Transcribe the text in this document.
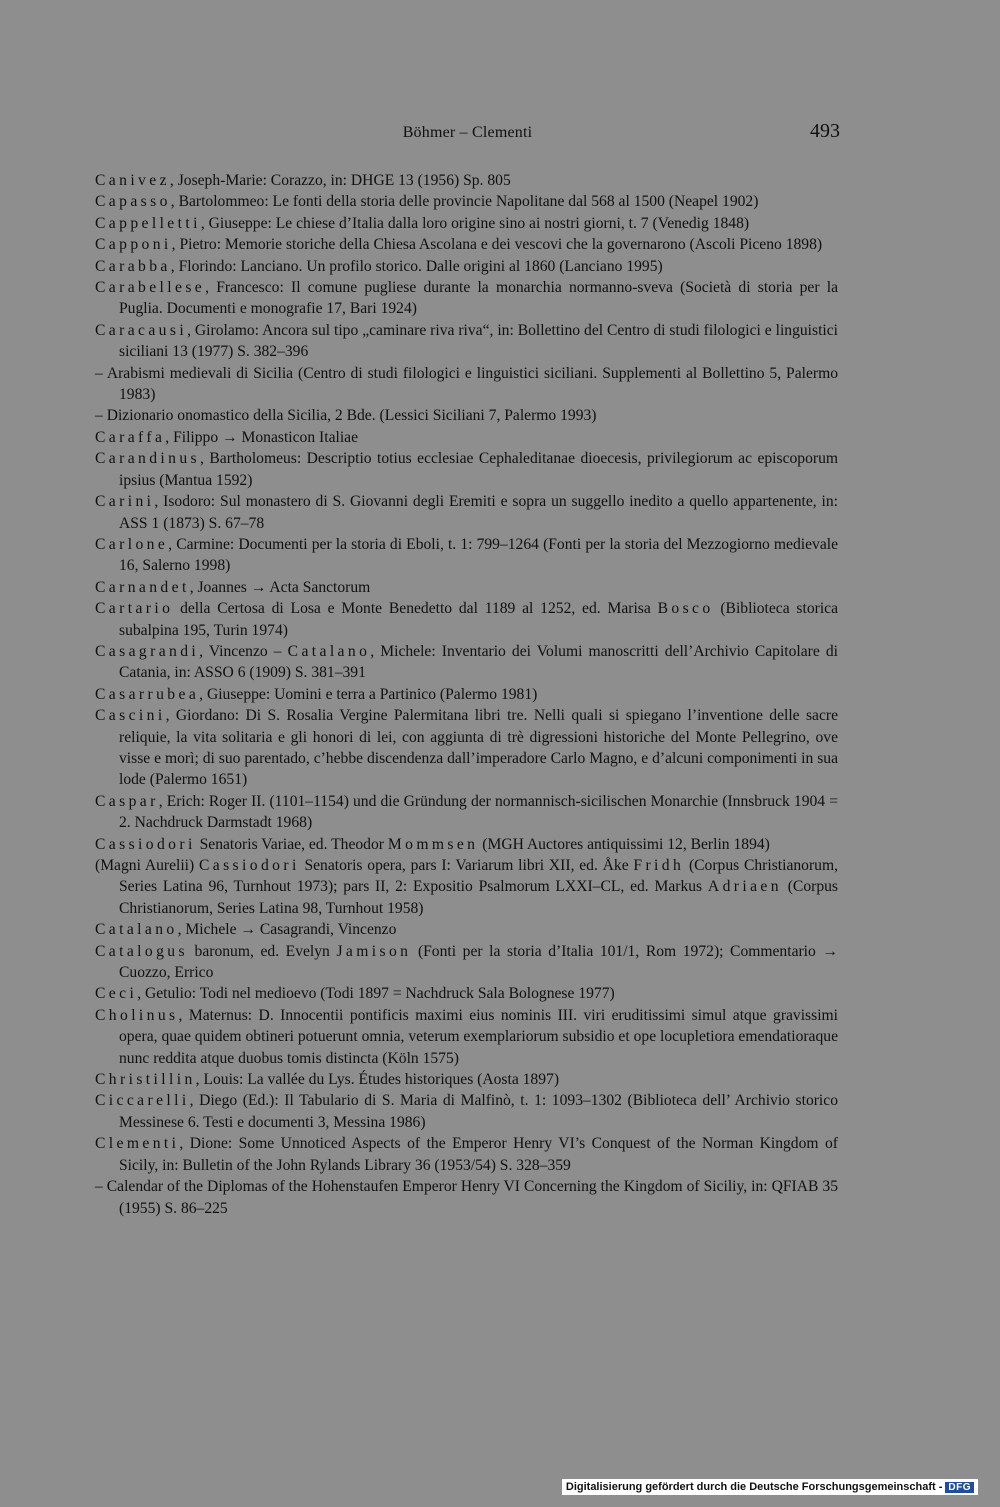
Böhmer – Clementi	493

Canivez, Joseph-Marie: Corazzo, in: DHGE 13 (1956) Sp. 805

Capasso, Bartolommeo: Le fonti della storia delle provincie Napolitane dal 568 al 1500 (Neapel 1902)

Cappelletti, Giuseppe: Le chiese d’Italia dalla loro origine sino ai nostri giorni, t. 7 (Venedig 1848)

Capponi, Pietro: Memorie storiche della Chiesa Ascolana e dei vescovi che la governarono (Ascoli Piceno 1898)

Carabba, Florindo: Lanciano. Un profilo storico. Dalle origini al 1860 (Lanciano 1995)

Carabellese, Francesco: Il comune pugliese durante la monarchia normanno-sveva (Società di storia per la Puglia. Documenti e monografie 17, Bari 1924)

Caracausi, Girolamo: Ancora sul tipo „caminare riva riva“, in: Bollettino del Centro di studi filologici e linguistici siciliani 13 (1977) S. 382–396

– Arabismi medievali di Sicilia (Centro di studi filologici e linguistici siciliani. Supplementi al Bollettino 5, Palermo 1983)

– Dizionario onomastico della Sicilia, 2 Bde. (Lessici Siciliani 7, Palermo 1993)

Caraffa, Filippo → Monasticon Italiae

Carandinus, Bartholomeus: Descriptio totius ecclesiae Cephaleditanae dioecesis, privilegiorum ac episcoporum ipsius (Mantua 1592)

Carini, Isodoro: Sul monastero di S. Giovanni degli Eremiti e sopra un suggello inedito a quello appartenente, in: ASS 1 (1873) S. 67–78

Carlone, Carmine: Documenti per la storia di Eboli, t. 1: 799–1264 (Fonti per la storia del Mezzogiorno medievale 16, Salerno 1998)

Carnandet, Joannes → Acta Sanctorum

Cartario della Certosa di Losa e Monte Benedetto dal 1189 al 1252, ed. Marisa Bosco (Biblioteca storica subalpina 195, Turin 1974)

Casagrandi, Vincenzo – Catalano, Michele: Inventario dei Volumi manoscritti dell’Archivio Capitolare di Catania, in: ASSO 6 (1909) S. 381–391

Casarrubea, Giuseppe: Uomini e terra a Partinico (Palermo 1981)

Cascini, Giordano: Di S. Rosalia Vergine Palermitana libri tre. Nelli quali si spiegano l’inventione delle sacre reliquie, la vita solitaria e gli honori di lei, con aggiunta di trè digressioni historiche del Monte Pellegrino, ove visse e morì; di suo parentado, c’hebbe discendenza dall’imperadore Carlo Magno, e d’alcuni componimenti in sua lode (Palermo 1651)

Caspar, Erich: Roger II. (1101–1154) und die Gründung der normannisch-sicilischen Monarchie (Innsbruck 1904 = 2. Nachdruck Darmstadt 1968)

Cassiodori Senatoris Variae, ed. Theodor Mommsen (MGH Auctores antiquissimi 12, Berlin 1894)

(Magni Aurelii) Cassiodori Senatoris opera, pars I: Variarum libri XII, ed. Åke Fridh (Corpus Christianorum, Series Latina 96, Turnhout 1973); pars II, 2: Expositio Psalmorum LXXI–CL, ed. Markus Adriaen (Corpus Christianorum, Series Latina 98, Turnhout 1958)

Catalano, Michele → Casagrandi, Vincenzo

Catalogus baronum, ed. Evelyn Jamison (Fonti per la storia d’Italia 101/1, Rom 1972); Commentario → Cuozzo, Errico

Ceci, Getulio: Todi nel medioevo (Todi 1897 = Nachdruck Sala Bolognese 1977)

Cholinus, Maternus: D. Innocentii pontificis maximi eius nominis III. viri eruditissimi simul atque gravissimi opera, quae quidem obtineri potuerunt omnia, veterum exemplariorum subsidio et ope locupletiora emendatioraque nunc reddita atque duobus tomis distincta (Köln 1575)

Christillin, Louis: La vallée du Lys. Études historiques (Aosta 1897)

Ciccarelli, Diego (Ed.): Il Tabulario di S. Maria di Malfinò, t. 1: 1093–1302 (Biblioteca dell’ Archivio storico Messinese 6. Testi e documenti 3, Messina 1986)

Clementi, Dione: Some Unnoticed Aspects of the Emperor Henry VI’s Conquest of the Norman Kingdom of Sicily, in: Bulletin of the John Rylands Library 36 (1953/54) S. 328–359

– Calendar of the Diplomas of the Hohenstaufen Emperor Henry VI Concerning the Kingdom of Siciliy, in: QFIAB 35 (1955) S. 86–225

Digitalisierung gefördert durch die Deutsche Forschungsgemeinschaft - DFG
